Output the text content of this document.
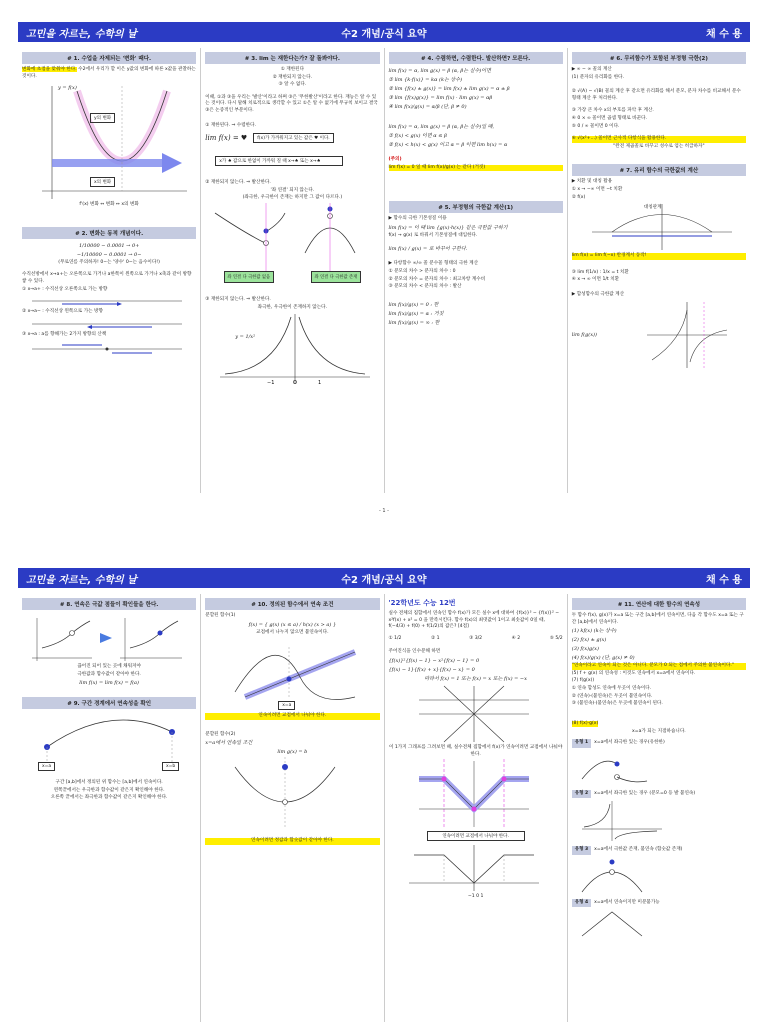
고민을 자르는, 수학의 날	수2 개념/공식 요약	채 수 용
# 1. 수업을 자제되는 '변화' 때다.
변화에 초점을 맞춰야 한다. 수2에서 우리가 할 이은 y값의 변화에 따른 x값을 관찰하는 것이다.
y = f(x)
y의 변화
x의 변화
f'(x) 변화 ↔ 변화 ↔ x의 변화
# 2. 변화는 동적 개념이다.
1/10000 − 0.0001 → 0+
−1/10000 − 0.0001 → 0−
(무로연름 주의하자! 0−는 '양수' 0−는 음수이다!)
수직선방에서 x→a+는 오른쪽으로 가거나 a한쪽이 왼쪽으로 가거나 x축과 같이 방향 쌓 수 있다.
① x→a+ : 수직선상 오른쪽으로 가는 방향
② x→a− : 수직선상 왼쪽으로 가는 방향
③ x→a : a를 향해가는 2가지 방향의 산책
# 3. lim 는 재한다는가? 잘 돌봐야다.
① 재한된다
② 재한되지 않는다.
③ 알 수 없다.
이때, ①과 ③을 우리는 '발산'이라고 하며 ③은 '무한발산'이라고 한다. 재능은 알 수 있는 것이다. 다시 말해 치로적으로 생각할 수 있고 ①은 알 수 없기에 무규칙 보이고 결국 ③은 논증적인 부분이다.
① 재한된다. ⇒ 수렴한다.
lim f(x) = ♥	f(x)가 가까워지고 있는 값은 ♥ 이다.
x가 ♠ 값으로 한없이 가까워 질 때 x→♠ 또는 x→♠
② 재한되지 않는다. ⇒ 발산한다.
'좌 연결' 되지 않는다.
(좌극한, 우극한이 존재는 하지만 그 값이 다르다.)
좌 연결 다 극한값 없음	좌 연결 다 극한값 존재
③ 재한되지 않는다. ⇒ 발산한다.
좌극한, 우극한이 존재하지 않는다.
−1	O	1
y = 1/x²
# 4. 수렴하면, 수렴한다. 발산하면? 모른다.
lim f(x) = α, lim g(x) = β (α, β는 실수)이면
① lim {k·f(x)} = kα (k는 상수)
② lim {f(x) ± g(x)} = lim f(x) ± lim g(x) = α ± β
③ lim {f(x)g(x)} = lim f(x) · lim g(x) = αβ
④ lim f(x)/g(x) = α/β (단, β ≠ 0)
lim f(x) = α, lim g(x) = β (α, β는 실수)일 때,
① f(x) < g(x) 이면 α ≤ β
② f(x) < h(x) < g(x) 이고 α = β 이면 lim h(x) = α
(주의)
lim f(x) = 0 일 때 lim f(x)/g(x) 는 같다 (거짓)
# 5. 부정형의 극한값 계산(1)
▶ 함수의 극한 기본성질 이용
lim f(x) = 이 때 lim {g(x)·h(x)} 같은 극한값 구하기
f(x) → g(x) 로 바꿔서 기본성질에 대입한다.
lim f(x) / g(x) = 로 바꾸어 구한다.
▶ 다항함수 ∞/∞ 꼴 분수꼴 형태의 극한 계산
① 분모의 차수 > 분자의 차수 : 0
② 분모의 차수 = 분자의 차수 : 최고차항 계수비
③ 분모의 차수 < 분자의 차수 : 발산
lim f(x)/g(x) = 0 : 한
lim f(x)/g(x) = α : 거짓
lim f(x)/g(x) = ∞ : 한
# 6. 무리함수가 포함된 부정형 극한(2)
▶ ∞ − ∞ 꼴의 계산
(1) 분자의 유리화를 한다.
② √(A) − √(B) 꼴의 계산 후 같으면 유리화를 해서 분모, 분자 차수를 비교해서 분수 형태 계산 후 처리한다.
③ 가장 큰 차수 x의 부호를 파악 후 계산.
④ 0 × ∞ 꼴이면 곱셈 형태로 바꾼다.
⑤ 0 / ∞ 꼴이면 0 이다.
⑥ √(x²+…) 꼴이면 근사적 다항식을 활용한다.
"완전 제곱꼴로 바꾸고 성수로 엄는 히급하자"
# 7. 유리 함수의 극한값의 계산
▶ 치환 및 대칭 활용
① x → −∞ 이면 −t 치환
② f(x)
대칭관계
lim f(x) = lim f(−x) 반경계서 동작!
③ lim f(1/x) : 1/x = t 치환
④ x → ∞ 이면 1/t 치환
▶ 합성함수의 극한값 계산
lim f(g(x))
- 1 -
고민을 자르는, 수학의 날	수2 개념/공식 요약	채 수 용
# 8. 연속은 극값 점들이 확인들을 한다.
끊어진 되어 있는 곳에 채워져야
극한값과 함수값이 같아야 한다.
lim f(x) = lim f(x) = f(a)
# 9. 구간 경계에서 연속성을 확인
x=a	x=b
구간 [a,b]에서 정의된 위 함수는 [a,b]에서 연속이다.
왼쪽끝에서는 우극한과 함수값이 같은지 확인해야 한다.
오른쪽 끝에서는 좌극한과 함수값이 같은지 확인해야 한다.
# 10. 정의된 함수에서 연속 조건
분할된 함수(1)
f(x) = { g(x) (x ≤ a) / h(x) (x > a) }
교점에서 나누지 않으면 불연속이다.
x=a
연속이려면 교점에서 나눠야 한다.
분할된 함수(2)
x=a에서 연속일 조건
lim g(x) = b
연속이려면 정값과 함숫값이 같아야 한다.
'22학년도 수능 12번
실수 전체의 집합에서 연속인 함수 f(x)가 모든 실수 x에 대하여 {f(x)}³ − {f(x)}² − x²f(x) + x² = 0 을 만족시킨다. 함수 f(x)의 최댓값이 1이고 최솟값이 0일 때, f(−4/3) + f(0) + f(1/2)의 값은? [4점]
① 1/2	② 1	③ 3/2	④ 2	⑤ 5/2
주어진식을 인수분해 하면
{f(x)}²{f(x) − 1} − x²{f(x) − 1} = 0
{f(x) − 1}{f(x) + x}{f(x) − x} = 0
따라서 f(x) = 1 또는 f(x) = x 또는 f(x) = −x
이 1가지 그래프를 그려보면 때, 실수전체 집합에서 f(x)가 연속이려면 교점에서 나눠야 한다.
연속이려면 교점에서 나눠야 한다.
−1 0 1
# 11. 연산에 대한 함수의 연속성
두 함수 f(x), g(x)가 x=a 또는 구간 [a,b]에서 연속이면, 다음 각 함수도 x=a 또는 구간 [a,b]에서 연속이다.
(1) kf(x) (k는 상수)
(2) f(x) ± g(x)
(3) f(x)g(x)
(4) f(x)/g(x) (단, g(x) ≠ 0)
"연속이라고 연속이 되는 것은 아니다. 분모가 0 되는 점에서 주의한 불연속이다."
(5) f + g(x) 의 연속성 : 이것도 연속에서 x=a에서 연속이다.
(7) f(g(x))
① 연속 합성도 연속에 두곳이 연속이다.
② (연속)·(불연속)은 두곳이 불연속이다.
③ (불연속)·(불연속)은 두곳에 불연속이 된다.
(8) f(x)·g(x)
x=a가 되는 지점하습니다.
유형 1 x=a에서 좌극한 있는 경우(유한한)
유형 2 x=a에서 좌극한 있는 경우 (분모=0 등 발 불연속)
유형 3 x=a에서 극한값 존재, 불연속 (함숫값 존재)
유형 4 x=a에서 연속이지만 미분불가능
